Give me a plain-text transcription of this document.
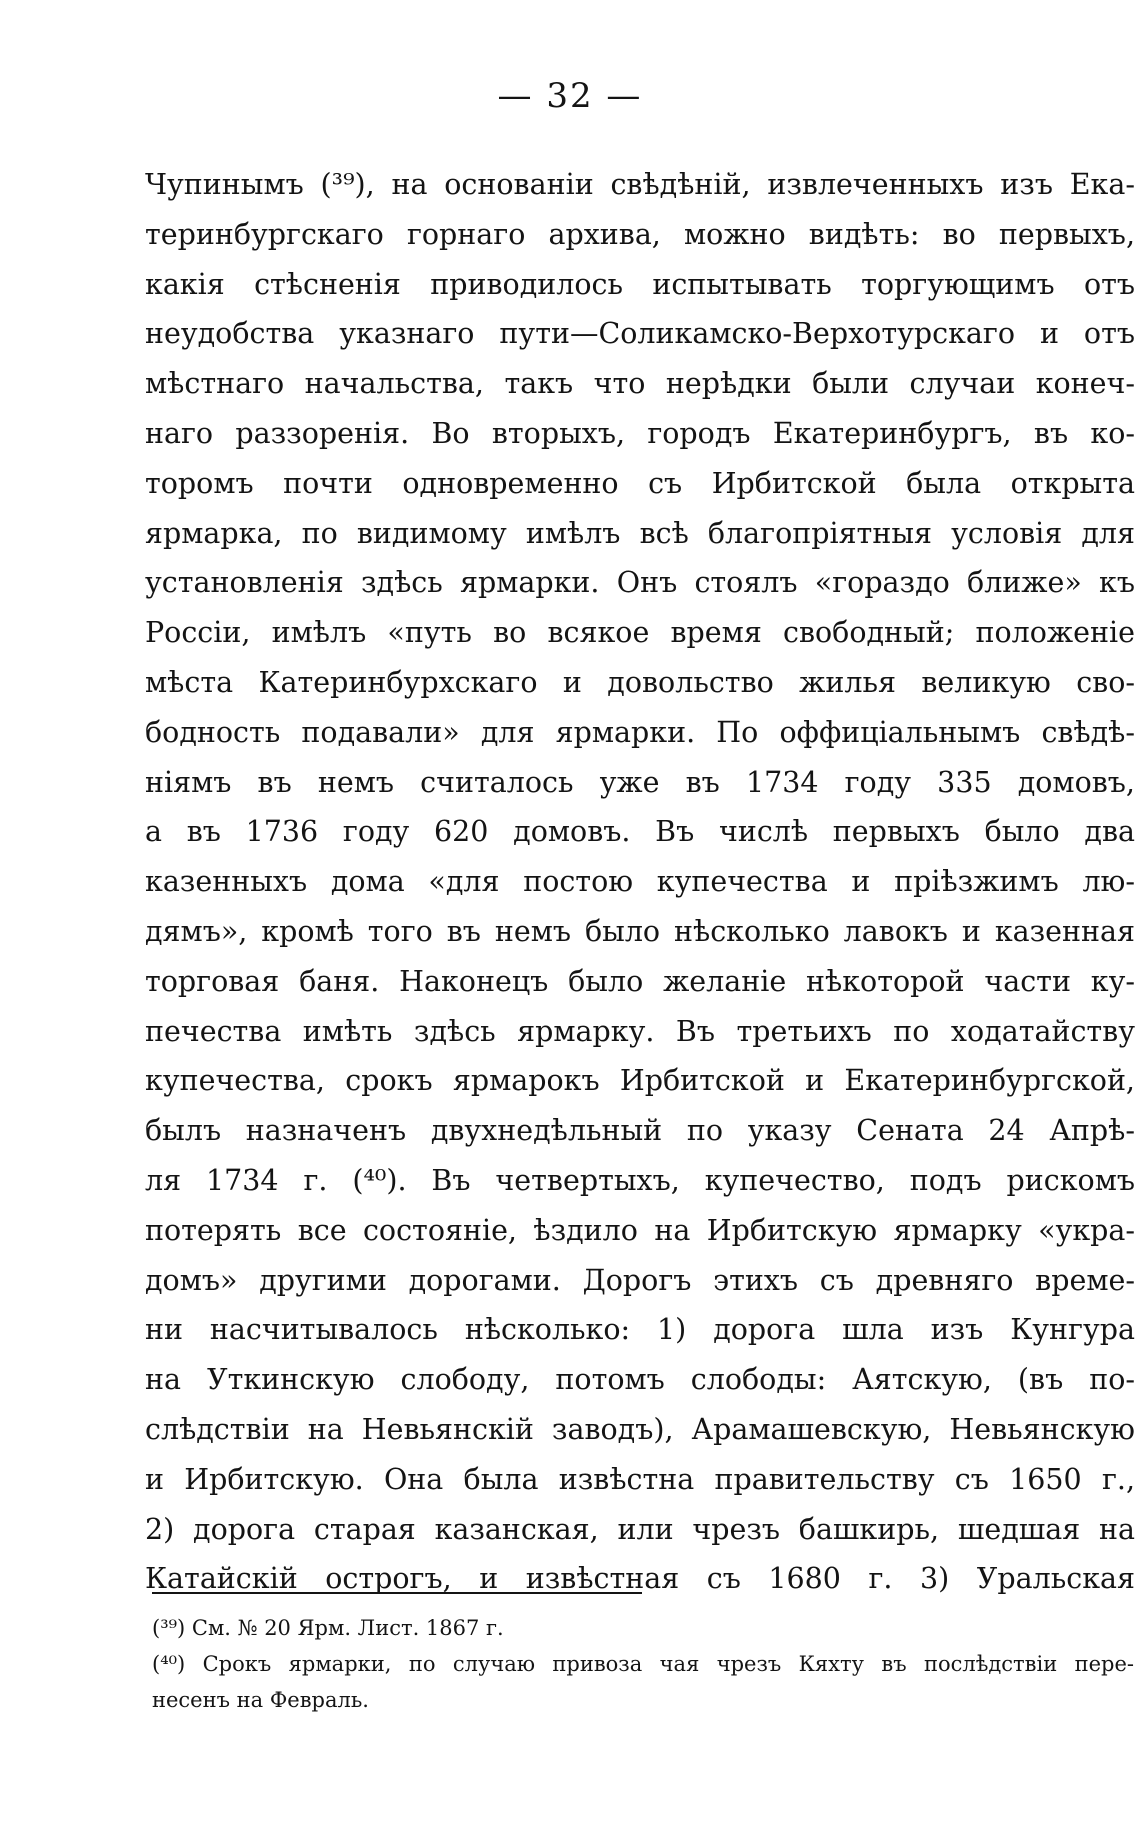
— 32 —
Чупинымъ (³⁹), на основаніи свѣдѣній, извлеченныхъ изъ Ека-
теринбургскаго горнаго архива, можно видѣть: во первыхъ,
какія стѣсненія приводилось испытывать торгующимъ отъ
неудобства указнаго пути—Соликамско-Верхотурскаго и отъ
мѣстнаго начальства, такъ что нерѣдки были случаи конеч-
наго раззоренія. Во вторыхъ, городъ Екатеринбургъ, въ ко-
торомъ почти одновременно съ Ирбитской была открыта
ярмарка, по видимому имѣлъ всѣ благопріятныя условія для
установленія здѣсь ярмарки. Онъ стоялъ «гораздо ближе» къ
Россіи, имѣлъ «путь во всякое время свободный; положеніе
мѣста Катеринбурхскаго и довольство жилья великую сво-
бодность подавали» для ярмарки. По оффиціальнымъ свѣдѣ-
ніямъ въ немъ считалось уже въ 1734 году 335 домовъ,
а въ 1736 году 620 домовъ. Въ числѣ первыхъ было два
казенныхъ дома «для постою купечества и пріѣзжимъ лю-
дямъ», кромѣ того въ немъ было нѣсколько лавокъ и казенная
торговая баня. Наконецъ было желаніе нѣкоторой части ку-
печества имѣть здѣсь ярмарку. Въ третьихъ по ходатайству
купечества, срокъ ярмарокъ Ирбитской и Екатеринбургской,
былъ назначенъ двухнедѣльный по указу Сената 24 Апрѣ-
ля 1734 г. (⁴⁰). Въ четвертыхъ, купечество, подъ рискомъ
потерять все состояніе, ѣздило на Ирбитскую ярмарку «укра-
домъ» другими дорогами. Дорогъ этихъ съ древняго време-
ни насчитывалось нѣсколько: 1) дорога шла изъ Кунгура
на Уткинскую слободу, потомъ слободы: Аятскую, (въ по-
слѣдствіи на Невьянскій заводъ), Арамашевскую, Невьянскую
и Ирбитскую. Она была извѣстна правительству съ 1650 г.,
2) дорога старая казанская, или чрезъ башкирь, шедшая на
Катайскій острогъ, и извѣстная съ 1680 г. 3) Уральская
(³⁹) См. № 20 Ярм. Лист. 1867 г.
(⁴⁰) Срокъ ярмарки, по случаю привоза чая чрезъ Кяхту въ послѣдствіи пере-
несенъ на Февраль.
